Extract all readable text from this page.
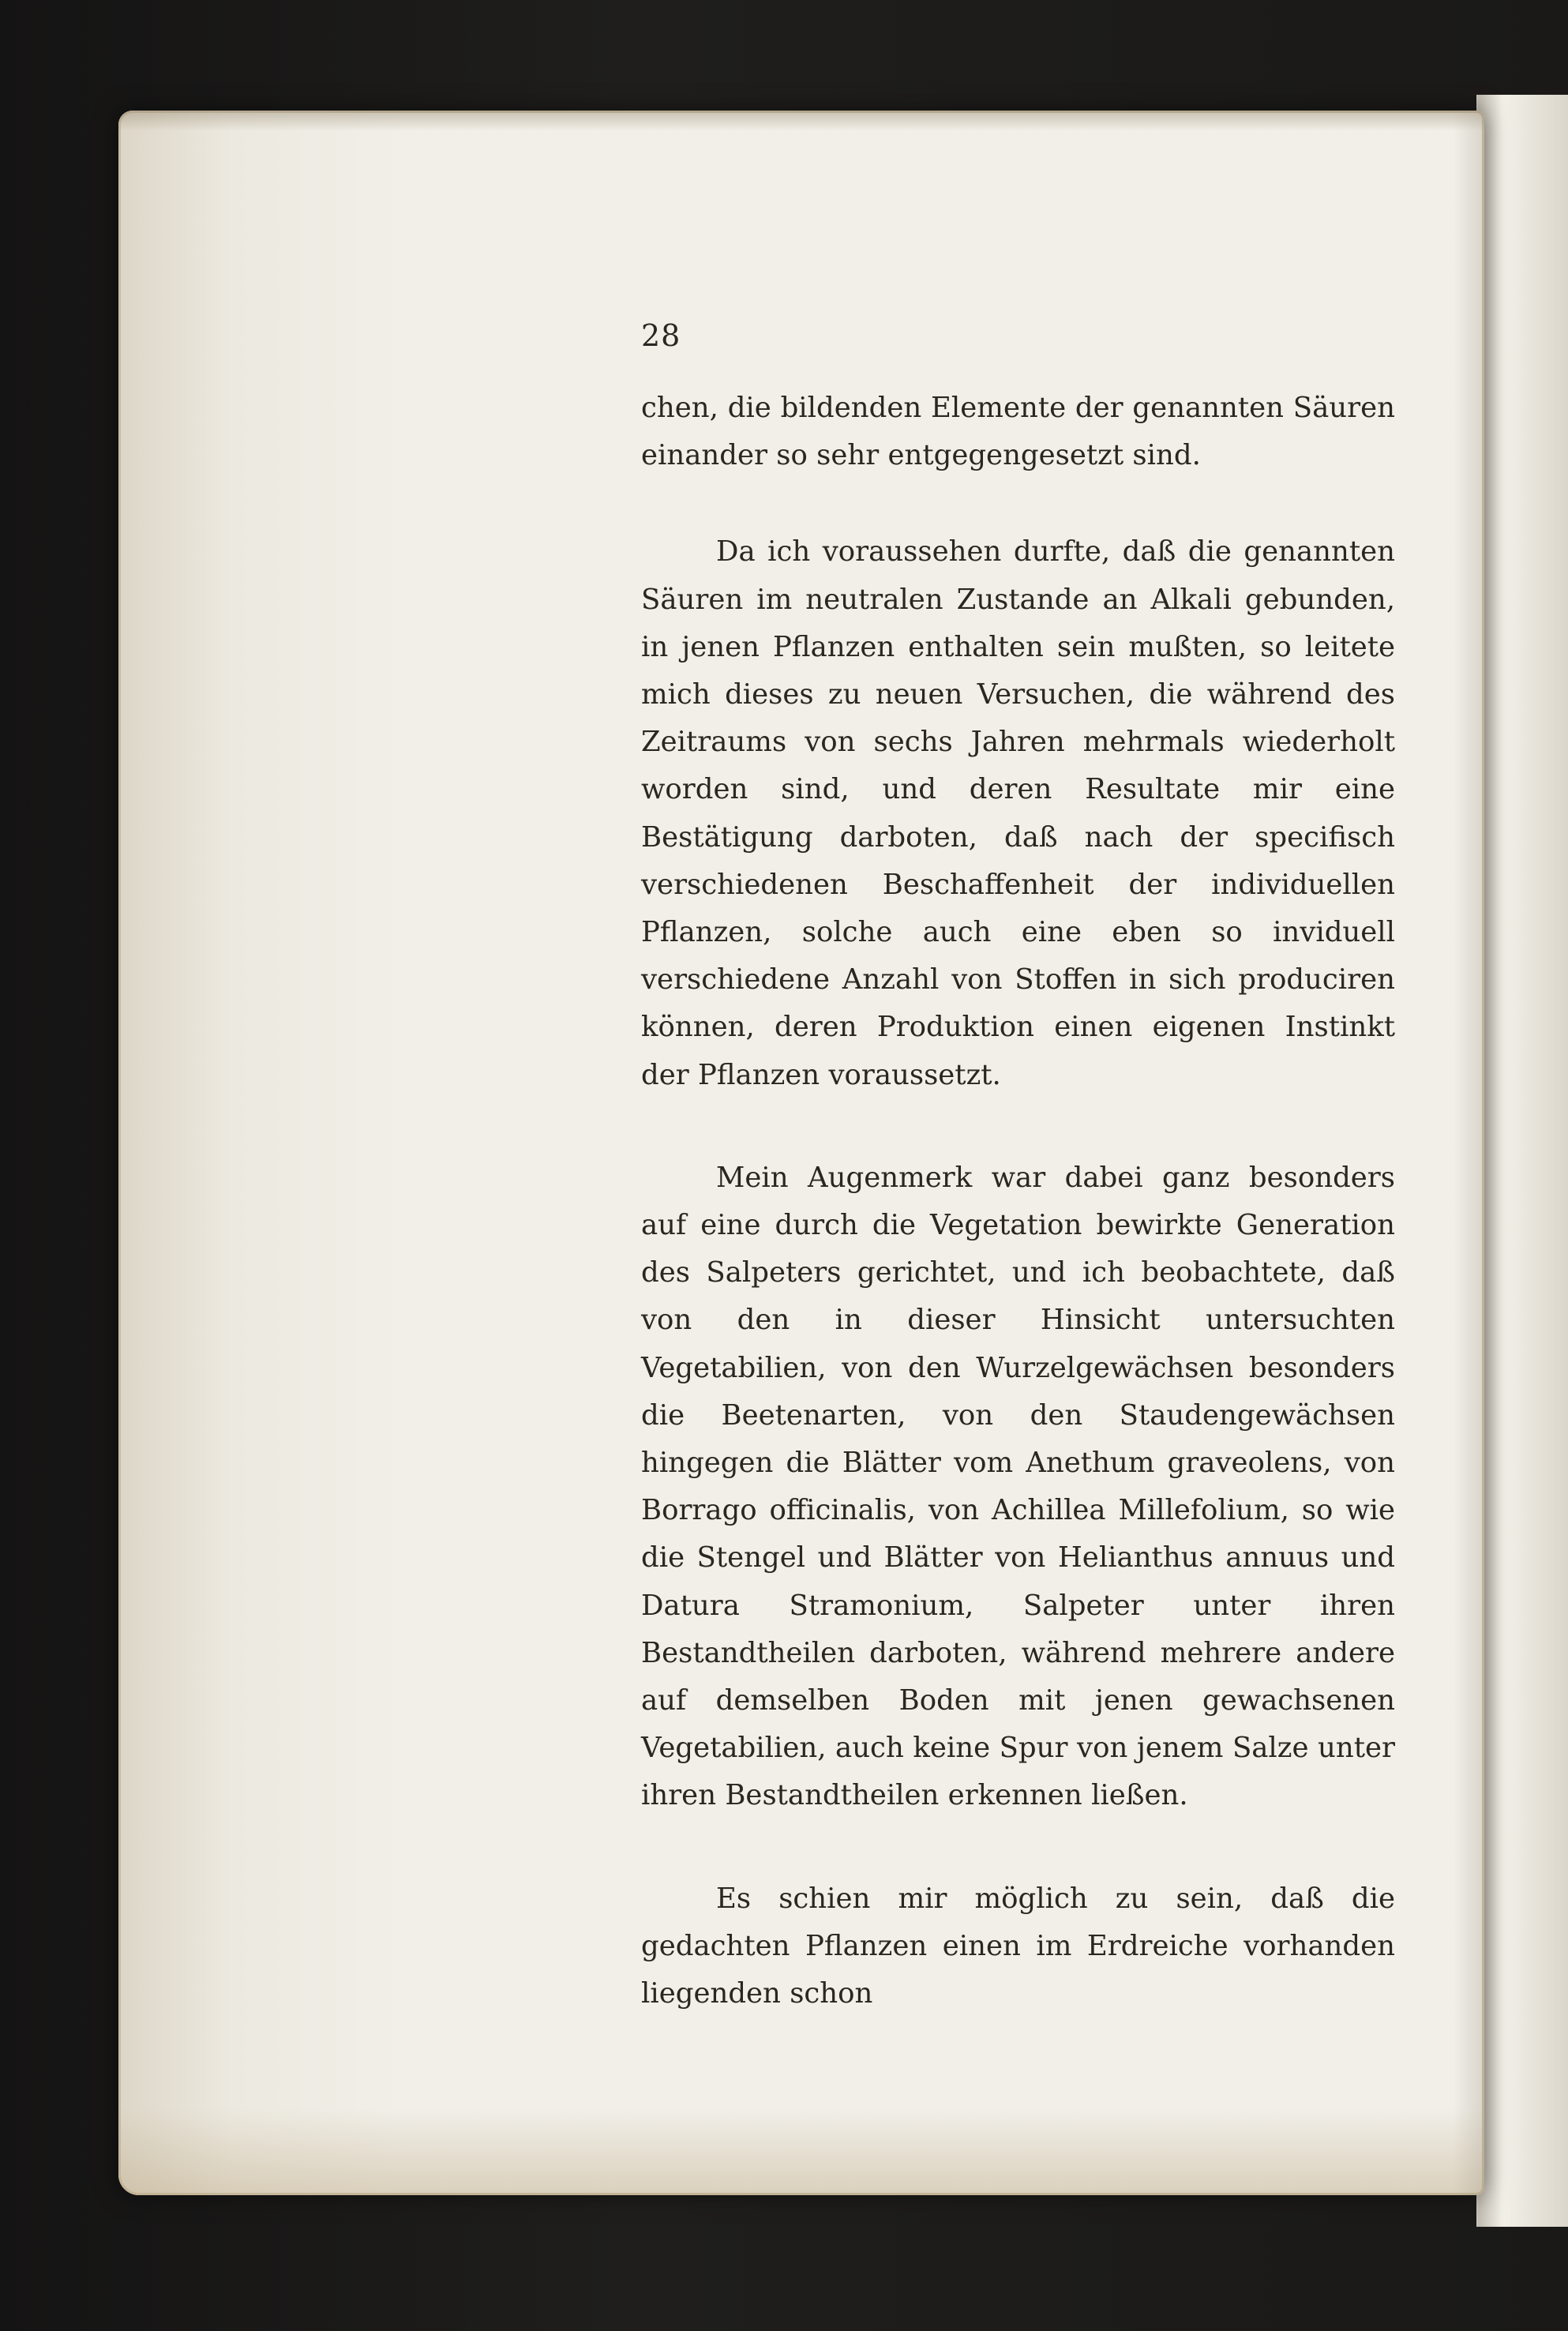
28

chen, die bildenden Elemente der genannten Säuren einander so sehr entgegengesetzt sind.

Da ich voraussehen durfte, daß die genannten Säuren im neutralen Zustande an Alkali gebunden, in jenen Pflanzen enthalten sein mußten, so leitete mich dieses zu neuen Versuchen, die während des Zeitraums von sechs Jahren mehrmals wiederholt worden sind, und deren Resultate mir eine Bestätigung darboten, daß nach der specifisch verschiedenen Beschaffenheit der individuellen Pflanzen, solche auch eine eben so inviduell verschiedene Anzahl von Stoffen in sich produciren können, deren Produktion einen eigenen Instinkt der Pflanzen voraussetzt.

Mein Augenmerk war dabei ganz besonders auf eine durch die Vegetation bewirkte Generation des Salpeters gerichtet, und ich beobachtete, daß von den in dieser Hinsicht untersuchten Vegetabilien, von den Wurzelgewächsen besonders die Beetenarten, von den Staudengewächsen hingegen die Blätter vom Anethum graveolens, von Borrago officinalis, von Achillea Millefolium, so wie die Stengel und Blätter von Helianthus annuus und Datura Stramonium, Salpeter unter ihren Bestandtheilen darboten, während mehrere andere auf demselben Boden mit jenen gewachsenen Vegetabilien, auch keine Spur von jenem Salze unter ihren Bestandtheilen erkennen ließen.

Es schien mir möglich zu sein, daß die gedachten Pflanzen einen im Erdreiche vorhanden liegenden schon
